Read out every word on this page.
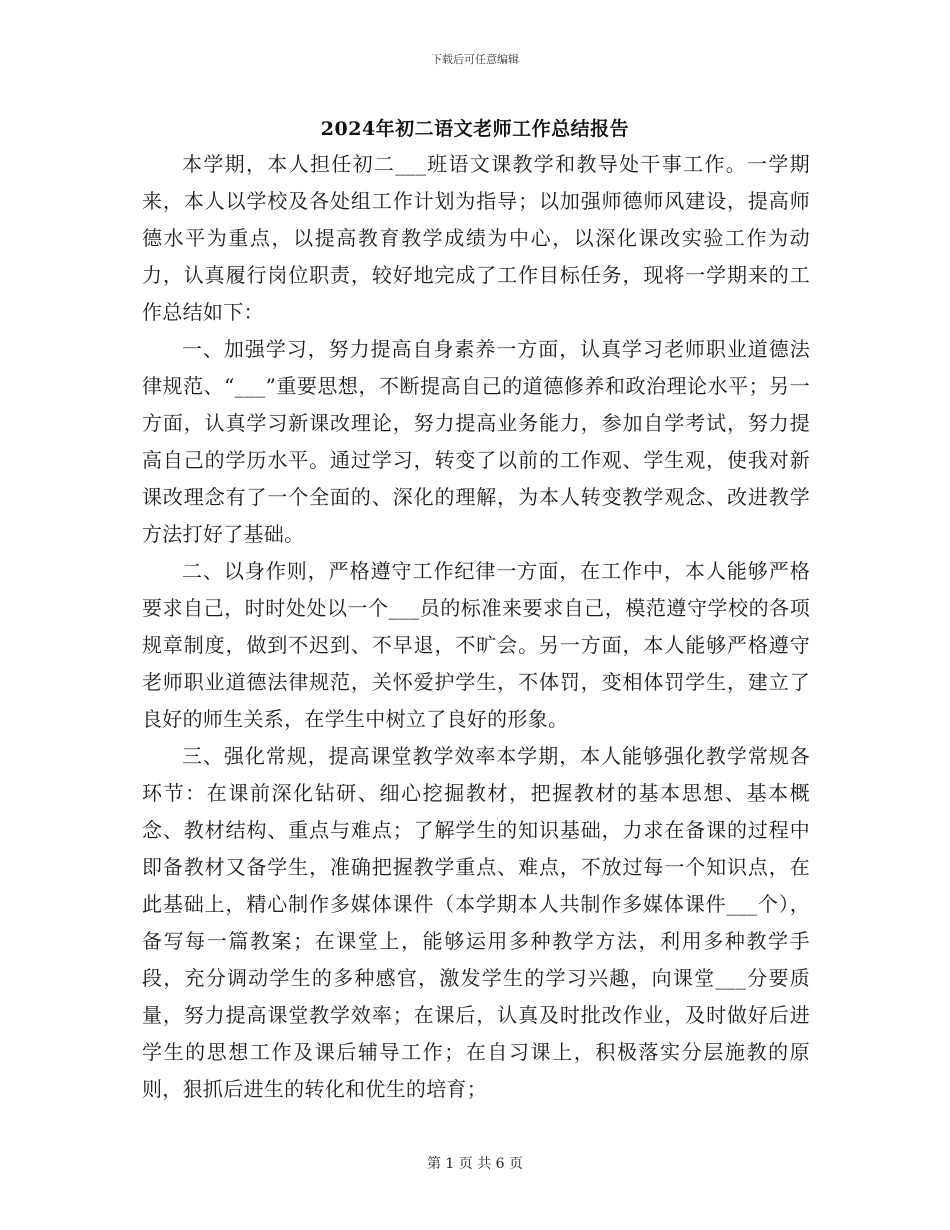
下载后可任意编辑
2024年初二语文老师工作总结报告

本学期，本人担任初二___班语文课教学和教导处干事工作。一学期来，本人以学校及各处组工作计划为指导；以加强师德师风建设，提高师德水平为重点，以提高教育教学成绩为中心，以深化课改实验工作为动力，认真履行岗位职责，较好地完成了工作目标任务，现将一学期来的工作总结如下：

一、加强学习，努力提高自身素养一方面，认真学习老师职业道德法律规范、“___”重要思想，不断提高自己的道德修养和政治理论水平；另一方面，认真学习新课改理论，努力提高业务能力，参加自学考试，努力提高自己的学历水平。通过学习，转变了以前的工作观、学生观，使我对新课改理念有了一个全面的、深化的理解，为本人转变教学观念、改进教学方法打好了基础。

二、以身作则，严格遵守工作纪律一方面，在工作中，本人能够严格要求自己，时时处处以一个___员的标准来要求自己，模范遵守学校的各项规章制度，做到不迟到、不早退，不旷会。另一方面，本人能够严格遵守老师职业道德法律规范，关怀爱护学生，不体罚，变相体罚学生，建立了良好的师生关系，在学生中树立了良好的形象。

三、强化常规，提高课堂教学效率本学期，本人能够强化教学常规各环节：在课前深化钻研、细心挖掘教材，把握教材的基本思想、基本概念、教材结构、重点与难点；了解学生的知识基础，力求在备课的过程中即备教材又备学生，准确把握教学重点、难点，不放过每一个知识点，在此基础上，精心制作多媒体课件（本学期本人共制作多媒体课件___个），备写每一篇教案；在课堂上，能够运用多种教学方法，利用多种教学手段，充分调动学生的多种感官，激发学生的学习兴趣，向课堂___分要质量，努力提高课堂教学效率；在课后，认真及时批改作业，及时做好后进学生的思想工作及课后辅导工作；在自习课上，积极落实分层施教的原则，狠抓后进生的转化和优生的培育；

第 1 页 共 6 页
